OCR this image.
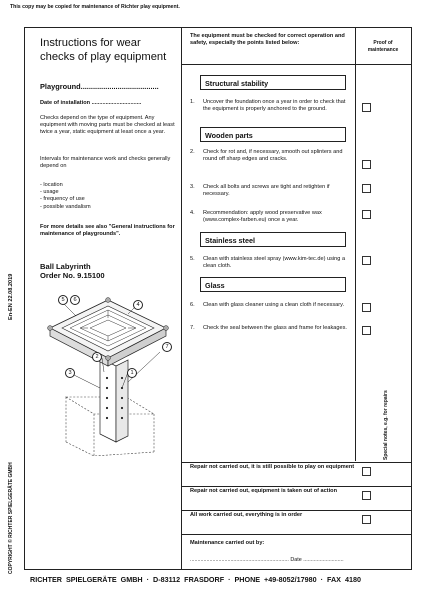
This copy may be copied for maintenance of Richter play equipment.
Instructions for wear
checks of play equipment
The equipment must be checked for correct operation and safety, especially the points listed below:	Proof of maintenance
Playground......................................
Date of installation ................................
Checks depend on the type of equipment. Any equipment with moving parts must be checked at least twice a year, static equipment at least once a year.
Intervals for maintenance work and checks generally depend on
- location
- usage
- frequency of use
- possible vandalism
For more details see also "General instructions for maintenance of playgrounds".
Ball Labyrinth
Order No. 9.15100
5	6
4
7
2
3	1
Structural stability
1. Uncover the foundation once a year in order to check that the equipment is properly anchored to the ground.
Wooden parts
2. Check for rot and, if necessary, smooth out splinters and round off sharp edges and cracks.
3. Check all bolts and screws are tight and retighten if necessary.
4. Recommendation: apply wood preservative wax (www.complex-farben.eu) once a year.
Stainless steel
5. Clean with stainless steel spray (www.kim-tec.de) using a clean cloth.
Glass
6. Clean with glass cleaner using a clean cloth if necessary.
7. Check the seal between the glass and frame for leakages.
Special notes, e.g. for repairs
Repair not carried out, it is still possible to play on equipment
Repair not carried out, equipment is taken out of action
All work carried out, everything is in order
Maintenance carried out by:
.................................................................. Date ...........................
En-EN 22.08.2019
COPYRIGHT © RICHTER SPIELGERÄTE GMBH
RICHTER SPIELGERÄTE GMBH · D-83112 FRASDORF · PHONE +49-8052/17980 · FAX 4180
